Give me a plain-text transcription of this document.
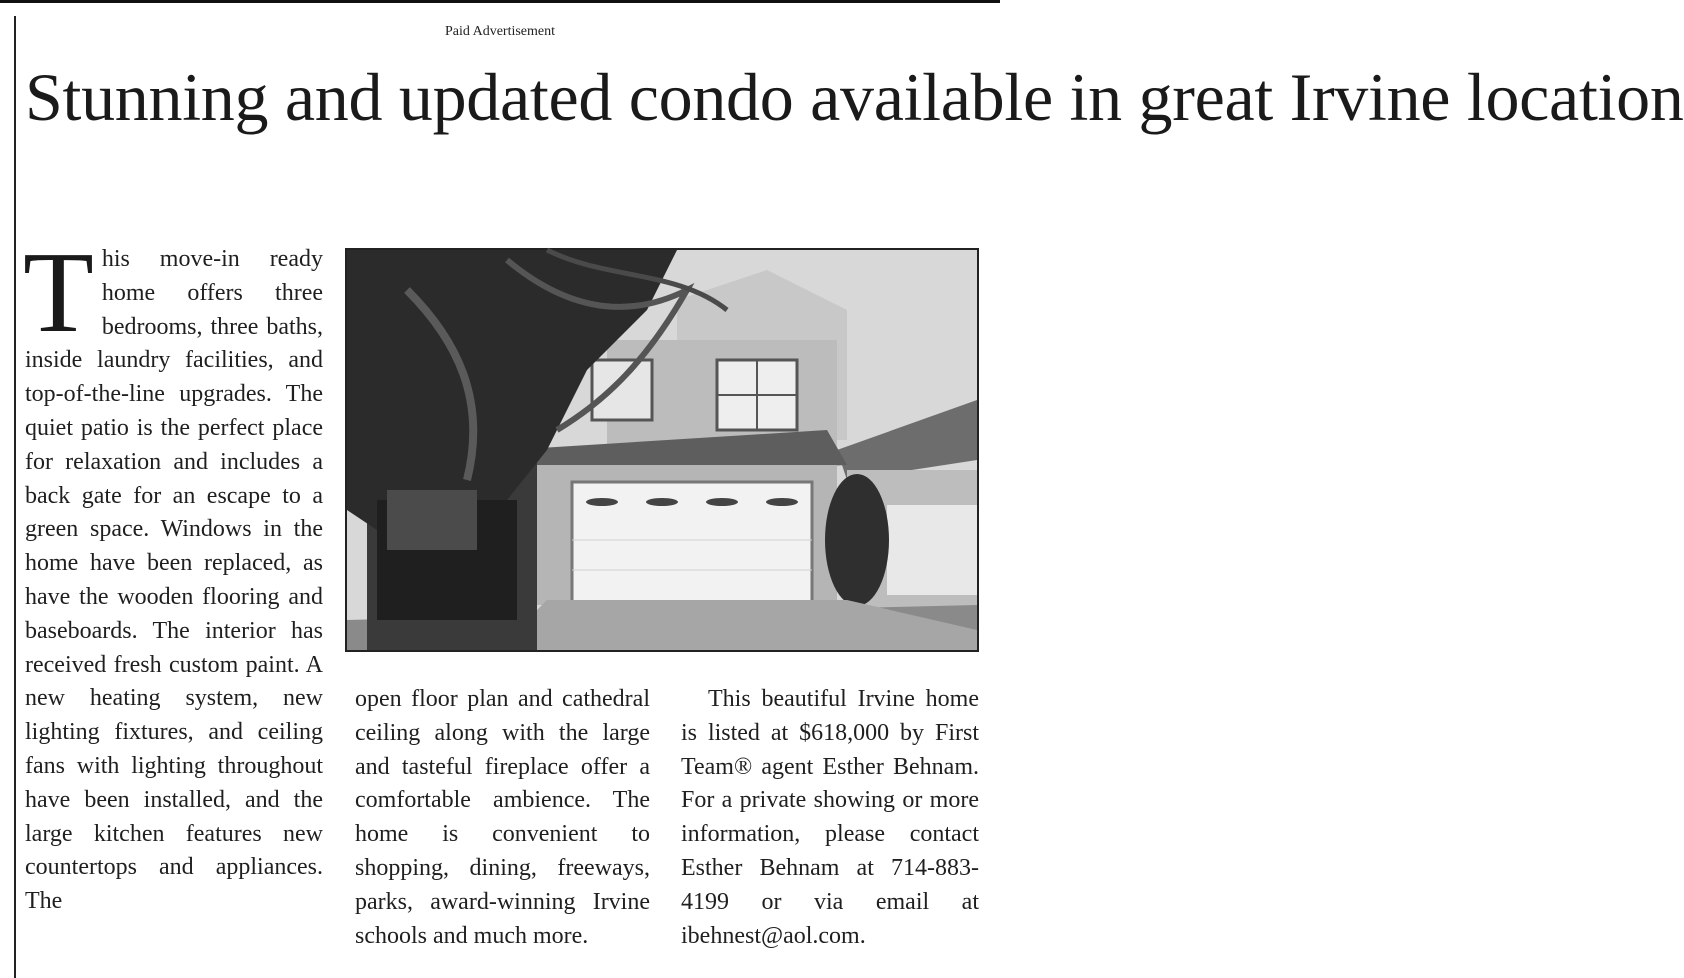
Paid Advertisement
Stunning and updated condo available in great Irvine location
This move-in ready home offers three bedrooms, three baths, inside laundry facilities, and top-of-the-line upgrades. The quiet patio is the perfect place for relaxation and includes a back gate for an escape to a green space. Windows in the home have been replaced, as have the wooden flooring and baseboards. The interior has received fresh custom paint. A new heating system, new lighting fixtures, and ceiling fans with lighting throughout have been installed, and the large kitchen features new countertops and appliances. The
open floor plan and cathedral ceiling along with the large and tasteful fireplace offer a comfortable ambience. The home is convenient to shopping, dining, freeways, parks, award-winning Irvine schools and much more.
This beautiful Irvine home is listed at $618,000 by First Team® agent Esther Behnam. For a private showing or more information, please contact Esther Behnam at 714-883-4199 or via email at ibehnest@aol.com.
